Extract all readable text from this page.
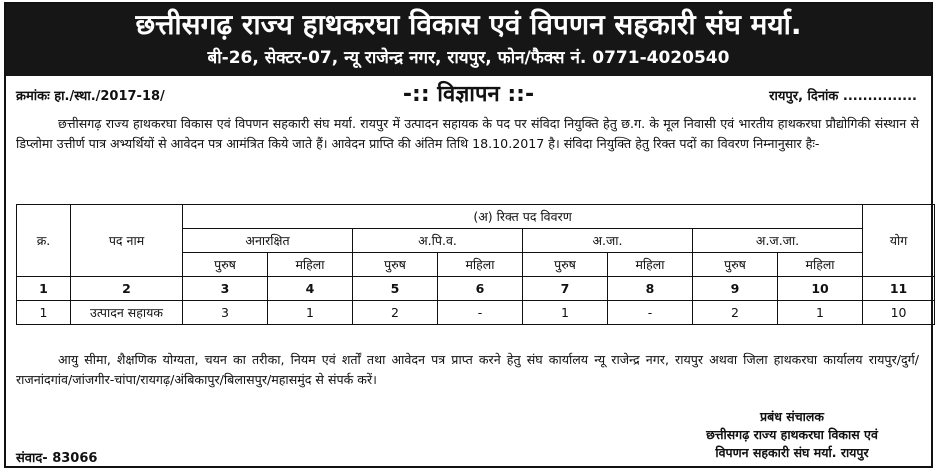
छत्तीसगढ़ राज्य हाथकरघा विकास एवं विपणन सहकारी संघ मर्या.
बी-26, सेक्टर-07, न्यू राजेन्द्र नगर, रायपुर, फोन/फैक्स नं. 0771-4020540
क्रमांकः हा./स्था./2017-18/	-:: विज्ञापन ::-	रायपुर, दिनांक ...............
छत्तीसगढ़ राज्य हाथकरघा विकास एवं विपणन सहकारी संघ मर्या. रायपुर में उत्पादन सहायक के पद पर संविदा नियुक्ति हेतु छ.ग. के मूल निवासी एवं भारतीय हाथकरघा प्रौद्योगिकी संस्थान से डिप्लोमा उत्तीर्ण पात्र अभ्यर्थियों से आवेदन पत्र आमंत्रित किये जाते हैं। आवेदन प्राप्ति की अंतिम तिथि 18.10.2017 है। संविदा नियुक्ति हेतु रिक्त पदों का विवरण निम्नानुसार हैः-
क्र.	पद नाम	(अ) रिक्त पद विवरण								योग
		अनारक्षित		अ.पि.व.		अ.जा.		अ.ज.जा.		
		पुरुष	महिला	पुरुष	महिला	पुरुष	महिला	पुरुष	महिला	
1	2	3	4	5	6	7	8	9	10	11
1	उत्पादन सहायक	3	1	2	-	1	-	2	1	10
आयु सीमा, शैक्षणिक योग्यता, चयन का तरीका, नियम एवं शर्तों तथा आवेदन पत्र प्राप्त करने हेतु संघ कार्यालय न्यू राजेन्द्र नगर, रायपुर अथवा जिला हाथकरघा कार्यालय रायपुर/दुर्ग/राजनांदगांव/जांजगीर-चांपा/रायगढ़/अंबिकापुर/बिलासपुर/महासमुंद से संपर्क करें।
प्रबंध संचालक
छत्तीसगढ़ राज्य हाथकरघा विकास एवं
विपणन सहकारी संघ मर्या. रायपुर
संवाद- 83066
